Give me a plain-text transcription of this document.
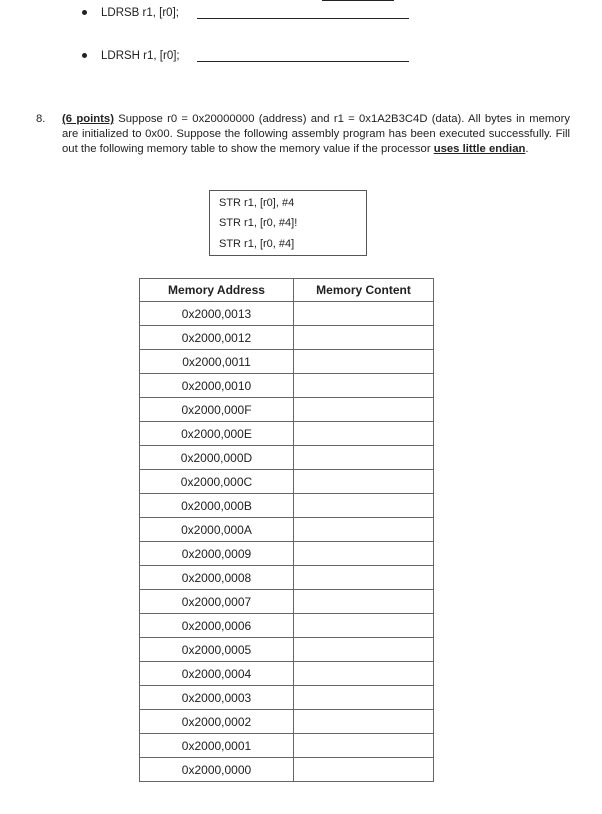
LDRSB r1, [r0];
LDRSH r1, [r0];
8. (6 points) Suppose r0 = 0x20000000 (address) and r1 = 0x1A2B3C4D (data). All bytes in memory are initialized to 0x00. Suppose the following assembly program has been executed successfully. Fill out the following memory table to show the memory value if the processor uses little endian.
STR r1, [r0], #4
STR r1, [r0, #4]!
STR r1, [r0, #4]
Memory Address	Memory Content
0x2000,0013	
0x2000,0012	
0x2000,0011	
0x2000,0010	
0x2000,000F	
0x2000,000E	
0x2000,000D	
0x2000,000C	
0x2000,000B	
0x2000,000A	
0x2000,0009	
0x2000,0008	
0x2000,0007	
0x2000,0006	
0x2000,0005	
0x2000,0004	
0x2000,0003	
0x2000,0002	
0x2000,0001	
0x2000,0000	
